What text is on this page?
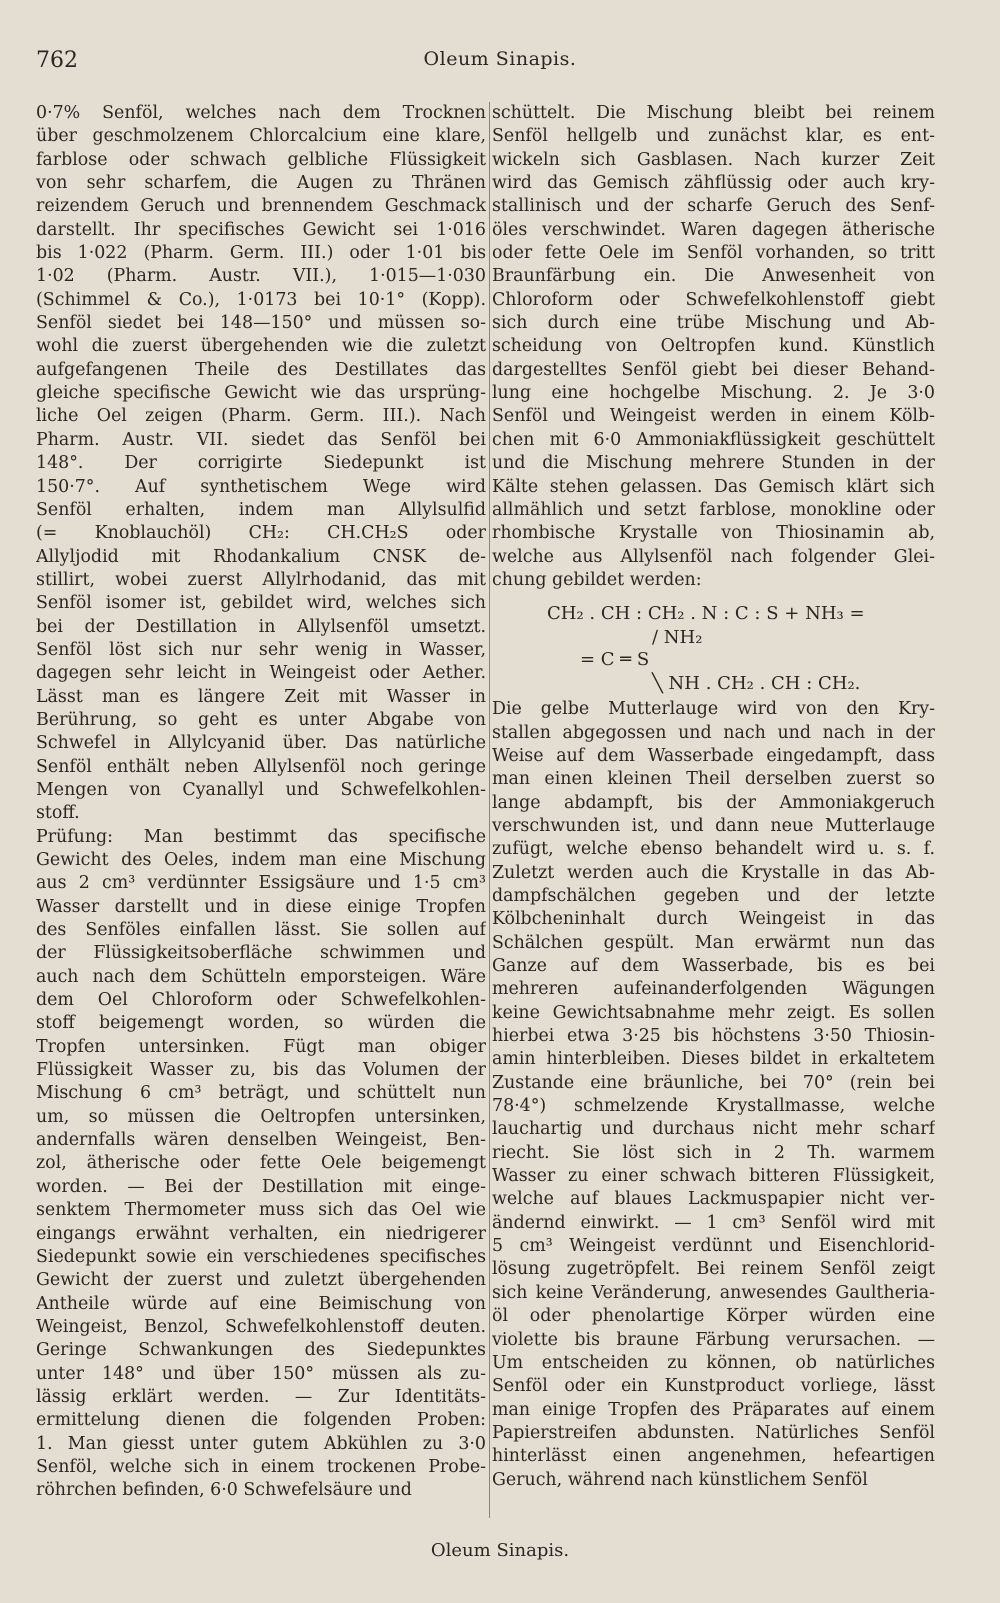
762	Oleum Sinapis.
0·7% Senföl, welches nach dem Trocknen
über geschmolzenem Chlorcalcium eine klare,
farblose oder schwach gelbliche Flüssigkeit
von sehr scharfem, die Augen zu Thränen
reizendem Geruch und brennendem Geschmack
darstellt. Ihr specifisches Gewicht sei 1·016
bis 1·022 (Pharm. Germ. III.) oder 1·01 bis
1·02 (Pharm. Austr. VII.), 1·015—1·030
(Schimmel & Co.), 1·0173 bei 10·1° (Kopp).
Senföl siedet bei 148—150° und müssen so-
wohl die zuerst übergehenden wie die zuletzt
aufgefangenen Theile des Destillates das
gleiche specifische Gewicht wie das ursprüng-
liche Oel zeigen (Pharm. Germ. III.). Nach
Pharm. Austr. VII. siedet das Senföl bei
148°. Der corrigirte Siedepunkt ist
150·7°. Auf synthetischem Wege wird
Senföl erhalten, indem man Allylsulfid
(= Knoblauchöl) CH₂: CH.CH₂S oder
Allyljodid mit Rhodankalium CNSK de-
stillirt, wobei zuerst Allylrhodanid, das mit
Senföl isomer ist, gebildet wird, welches sich
bei der Destillation in Allylsenföl umsetzt.
Senföl löst sich nur sehr wenig in Wasser,
dagegen sehr leicht in Weingeist oder Aether.
Lässt man es längere Zeit mit Wasser in
Berührung, so geht es unter Abgabe von
Schwefel in Allylcyanid über. Das natürliche
Senföl enthält neben Allylsenföl noch geringe
Mengen von Cyanallyl und Schwefelkohlen-
stoff.
Prüfung: Man bestimmt das specifische
Gewicht des Oeles, indem man eine Mischung
aus 2 cm³ verdünnter Essigsäure und 1·5 cm³
Wasser darstellt und in diese einige Tropfen
des Senföles einfallen lässt. Sie sollen auf
der Flüssigkeitsoberfläche schwimmen und
auch nach dem Schütteln emporsteigen. Wäre
dem Oel Chloroform oder Schwefelkohlen-
stoff beigemengt worden, so würden die
Tropfen untersinken. Fügt man obiger
Flüssigkeit Wasser zu, bis das Volumen der
Mischung 6 cm³ beträgt, und schüttelt nun
um, so müssen die Oeltropfen untersinken,
andernfalls wären denselben Weingeist, Ben-
zol, ätherische oder fette Oele beigemengt
worden. — Bei der Destillation mit einge-
senktem Thermometer muss sich das Oel wie
eingangs erwähnt verhalten, ein niedrigerer
Siedepunkt sowie ein verschiedenes specifisches
Gewicht der zuerst und zuletzt übergehenden
Antheile würde auf eine Beimischung von
Weingeist, Benzol, Schwefelkohlenstoff deuten.
Geringe Schwankungen des Siedepunktes
unter 148° und über 150° müssen als zu-
lässig erklärt werden. — Zur Identitäts-
ermittelung dienen die folgenden Proben:
1. Man giesst unter gutem Abkühlen zu 3·0
Senföl, welche sich in einem trockenen Probe-
röhrchen befinden, 6·0 Schwefelsäure und
schüttelt. Die Mischung bleibt bei reinem
Senföl hellgelb und zunächst klar, es ent-
wickeln sich Gasblasen. Nach kurzer Zeit
wird das Gemisch zähflüssig oder auch kry-
stallinisch und der scharfe Geruch des Senf-
öles verschwindet. Waren dagegen ätherische
oder fette Oele im Senföl vorhanden, so tritt
Braunfärbung ein. Die Anwesenheit von
Chloroform oder Schwefelkohlenstoff giebt
sich durch eine trübe Mischung und Ab-
scheidung von Oeltropfen kund. Künstlich
dargestelltes Senföl giebt bei dieser Behand-
lung eine hochgelbe Mischung. 2. Je 3·0
Senföl und Weingeist werden in einem Kölb-
chen mit 6·0 Ammoniakflüssigkeit geschüttelt
und die Mischung mehrere Stunden in der
Kälte stehen gelassen. Das Gemisch klärt sich
allmählich und setzt farblose, monokline oder
rhombische Krystalle von Thiosinamin ab,
welche aus Allylsenföl nach folgender Glei-
chung gebildet werden:
CH₂ . CH : CH₂ . N : C : S + NH₃ =
∕ NH₂
= C ═ S
╲ NH . CH₂ . CH : CH₂.
Die gelbe Mutterlauge wird von den Kry-
stallen abgegossen und nach und nach in der
Weise auf dem Wasserbade eingedampft, dass
man einen kleinen Theil derselben zuerst so
lange abdampft, bis der Ammoniakgeruch
verschwunden ist, und dann neue Mutterlauge
zufügt, welche ebenso behandelt wird u. s. f.
Zuletzt werden auch die Krystalle in das Ab-
dampfschälchen gegeben und der letzte
Kölbcheninhalt durch Weingeist in das
Schälchen gespült. Man erwärmt nun das
Ganze auf dem Wasserbade, bis es bei
mehreren aufeinanderfolgenden Wägungen
keine Gewichtsabnahme mehr zeigt. Es sollen
hierbei etwa 3·25 bis höchstens 3·50 Thiosin-
amin hinterbleiben. Dieses bildet in erkaltetem
Zustande eine bräunliche, bei 70° (rein bei
78·4°) schmelzende Krystallmasse, welche
lauchartig und durchaus nicht mehr scharf
riecht. Sie löst sich in 2 Th. warmem
Wasser zu einer schwach bitteren Flüssigkeit,
welche auf blaues Lackmuspapier nicht ver-
ändernd einwirkt. — 1 cm³ Senföl wird mit
5 cm³ Weingeist verdünnt und Eisenchlorid-
lösung zugetröpfelt. Bei reinem Senföl zeigt
sich keine Veränderung, anwesendes Gaultheria-
öl oder phenolartige Körper würden eine
violette bis braune Färbung verursachen. —
Um entscheiden zu können, ob natürliches
Senföl oder ein Kunstproduct vorliege, lässt
man einige Tropfen des Präparates auf einem
Papierstreifen abdunsten. Natürliches Senföl
hinterlässt einen angenehmen, hefeartigen
Geruch, während nach künstlichem Senföl
Oleum Sinapis.
